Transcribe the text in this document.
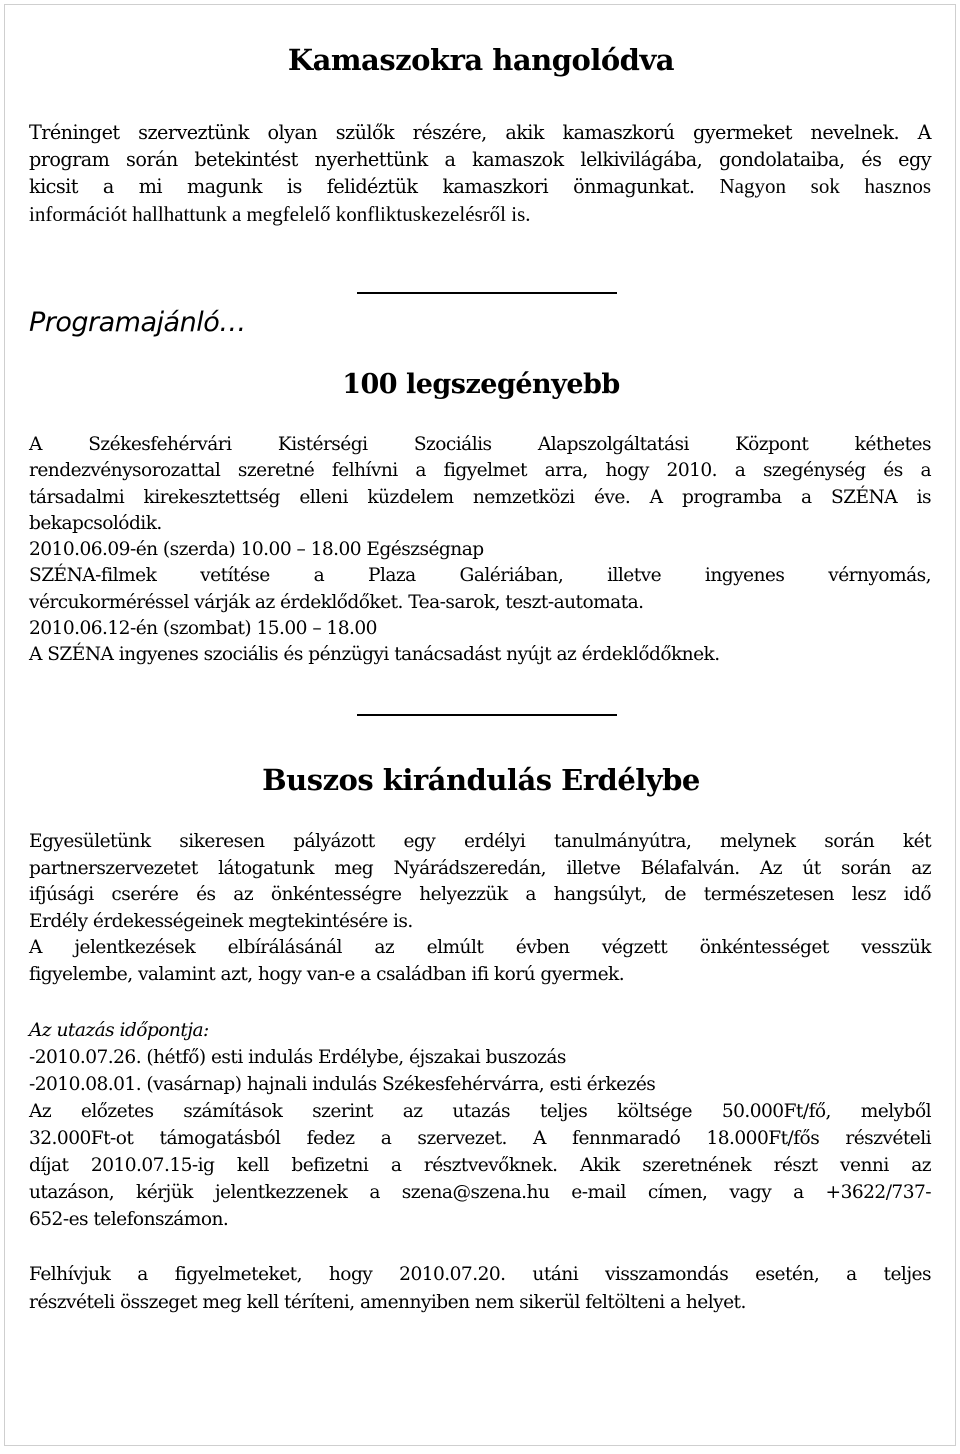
Kamaszokra hangolódva
Tréninget szerveztünk olyan szülők részére, akik kamaszkorú gyermeket nevelnek. A
program során betekintést nyerhettünk a kamaszok lelkivilágába, gondolataiba, és egy
kicsit a mi magunk is felidéztük kamaszkori önmagunkat. Nagyon sok hasznos
információt hallhattunk a megfelelő konfliktuskezelésről is.
Programajánló…
100 legszegényebb
A Székesfehérvári Kistérségi Szociális Alapszolgáltatási Központ kéthetes
rendezvénysorozattal szeretné felhívni a figyelmet arra, hogy 2010. a szegénység és a
társadalmi kirekesztettség elleni küzdelem nemzetközi éve. A programba a SZÉNA is
bekapcsolódik.
2010.06.09-én (szerda) 10.00 – 18.00 Egészségnap
SZÉNA-filmek vetítése a Plaza Galériában, illetve ingyenes vérnyomás,
vércukorméréssel várják az érdeklődőket. Tea-sarok, teszt-automata.
2010.06.12-én (szombat) 15.00 – 18.00
A SZÉNA ingyenes szociális és pénzügyi tanácsadást nyújt az érdeklődőknek.
Buszos kirándulás Erdélybe
Egyesületünk sikeresen pályázott egy erdélyi tanulmányútra, melynek során két
partnerszervezetet látogatunk meg Nyárádszeredán, illetve Bélafalván. Az út során az
ifjúsági cserére és az önkéntességre helyezzük a hangsúlyt, de természetesen lesz idő
Erdély érdekességeinek megtekintésére is.
A jelentkezések elbírálásánál az elmúlt évben végzett önkéntességet vesszük
figyelembe, valamint azt, hogy van-e a családban ifi korú gyermek.
Az utazás időpontja:
-2010.07.26. (hétfő) esti indulás Erdélybe, éjszakai buszozás
-2010.08.01. (vasárnap) hajnali indulás Székesfehérvárra, esti érkezés
Az előzetes számítások szerint az utazás teljes költsége 50.000Ft/fő, melyből
32.000Ft-ot támogatásból fedez a szervezet. A fennmaradó 18.000Ft/fős részvételi
díjat 2010.07.15-ig kell befizetni a résztvevőknek. Akik szeretnének részt venni az
utazáson, kérjük jelentkezzenek a szena@szena.hu e-mail címen, vagy a +3622/737-
652-es telefonszámon.
Felhívjuk a figyelmeteket, hogy 2010.07.20. utáni visszamondás esetén, a teljes
részvételi összeget meg kell téríteni, amennyiben nem sikerül feltölteni a helyet.
